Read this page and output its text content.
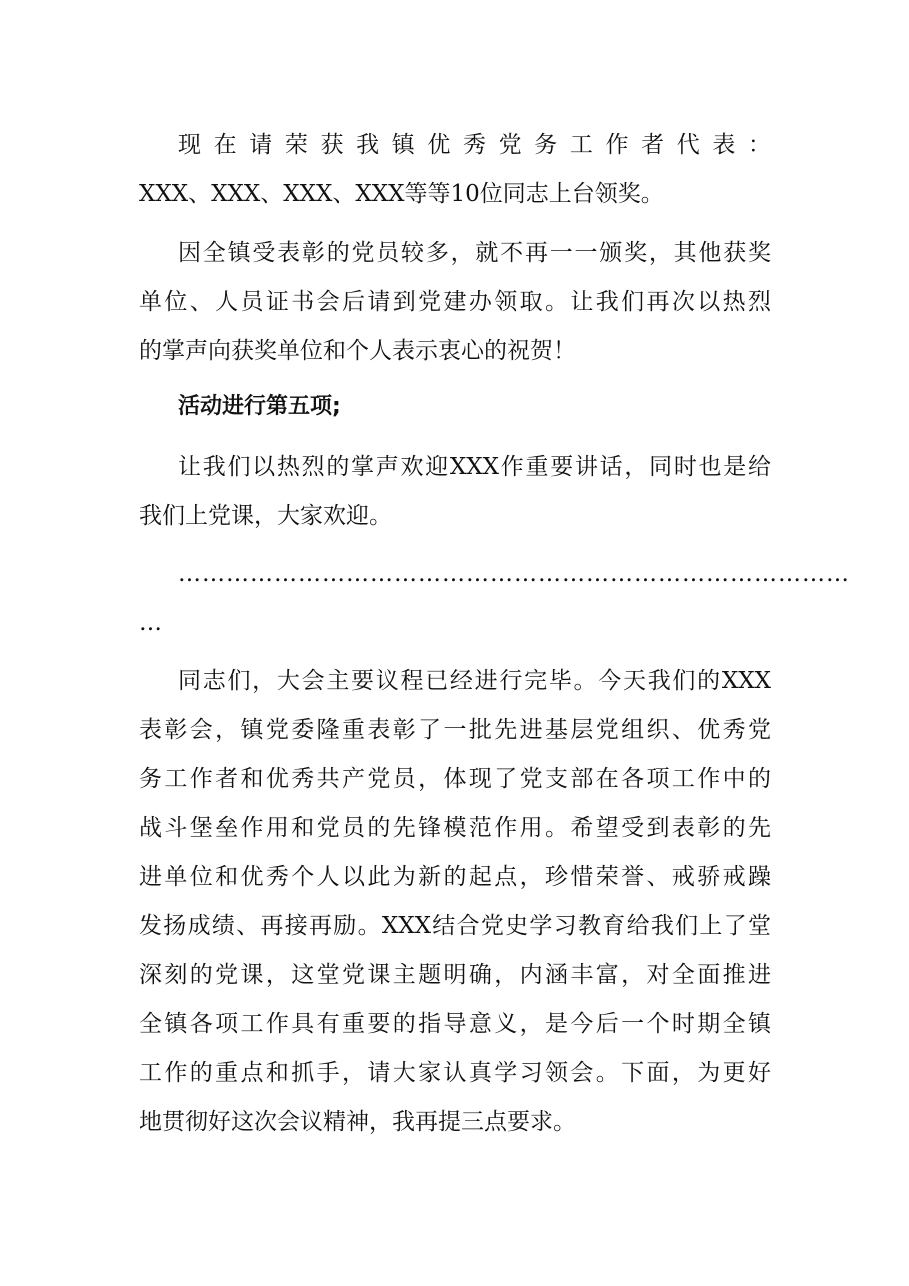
现在请荣获我镇优秀党务工作者代表：
XXX、XXX、XXX、XXX等等10位同志上台领奖。
因全镇受表彰的党员较多，就不再一一颁奖，其他获奖
单位、人员证书会后请到党建办领取。让我们再次以热烈
的掌声向获奖单位和个人表示衷心的祝贺！
活动进行第五项;
让我们以热烈的掌声欢迎XXX作重要讲话，同时也是给
我们上党课，大家欢迎。
…………………………………………………………………………
…
同志们，大会主要议程已经进行完毕。今天我们的XXX
表彰会，镇党委隆重表彰了一批先进基层党组织、优秀党
务工作者和优秀共产党员，体现了党支部在各项工作中的
战斗堡垒作用和党员的先锋模范作用。希望受到表彰的先
进单位和优秀个人以此为新的起点，珍惜荣誉、戒骄戒躁
发扬成绩、再接再励。XXX结合党史学习教育给我们上了堂
深刻的党课，这堂党课主题明确，内涵丰富，对全面推进
全镇各项工作具有重要的指导意义，是今后一个时期全镇
工作的重点和抓手，请大家认真学习领会。下面，为更好
地贯彻好这次会议精神，我再提三点要求。
